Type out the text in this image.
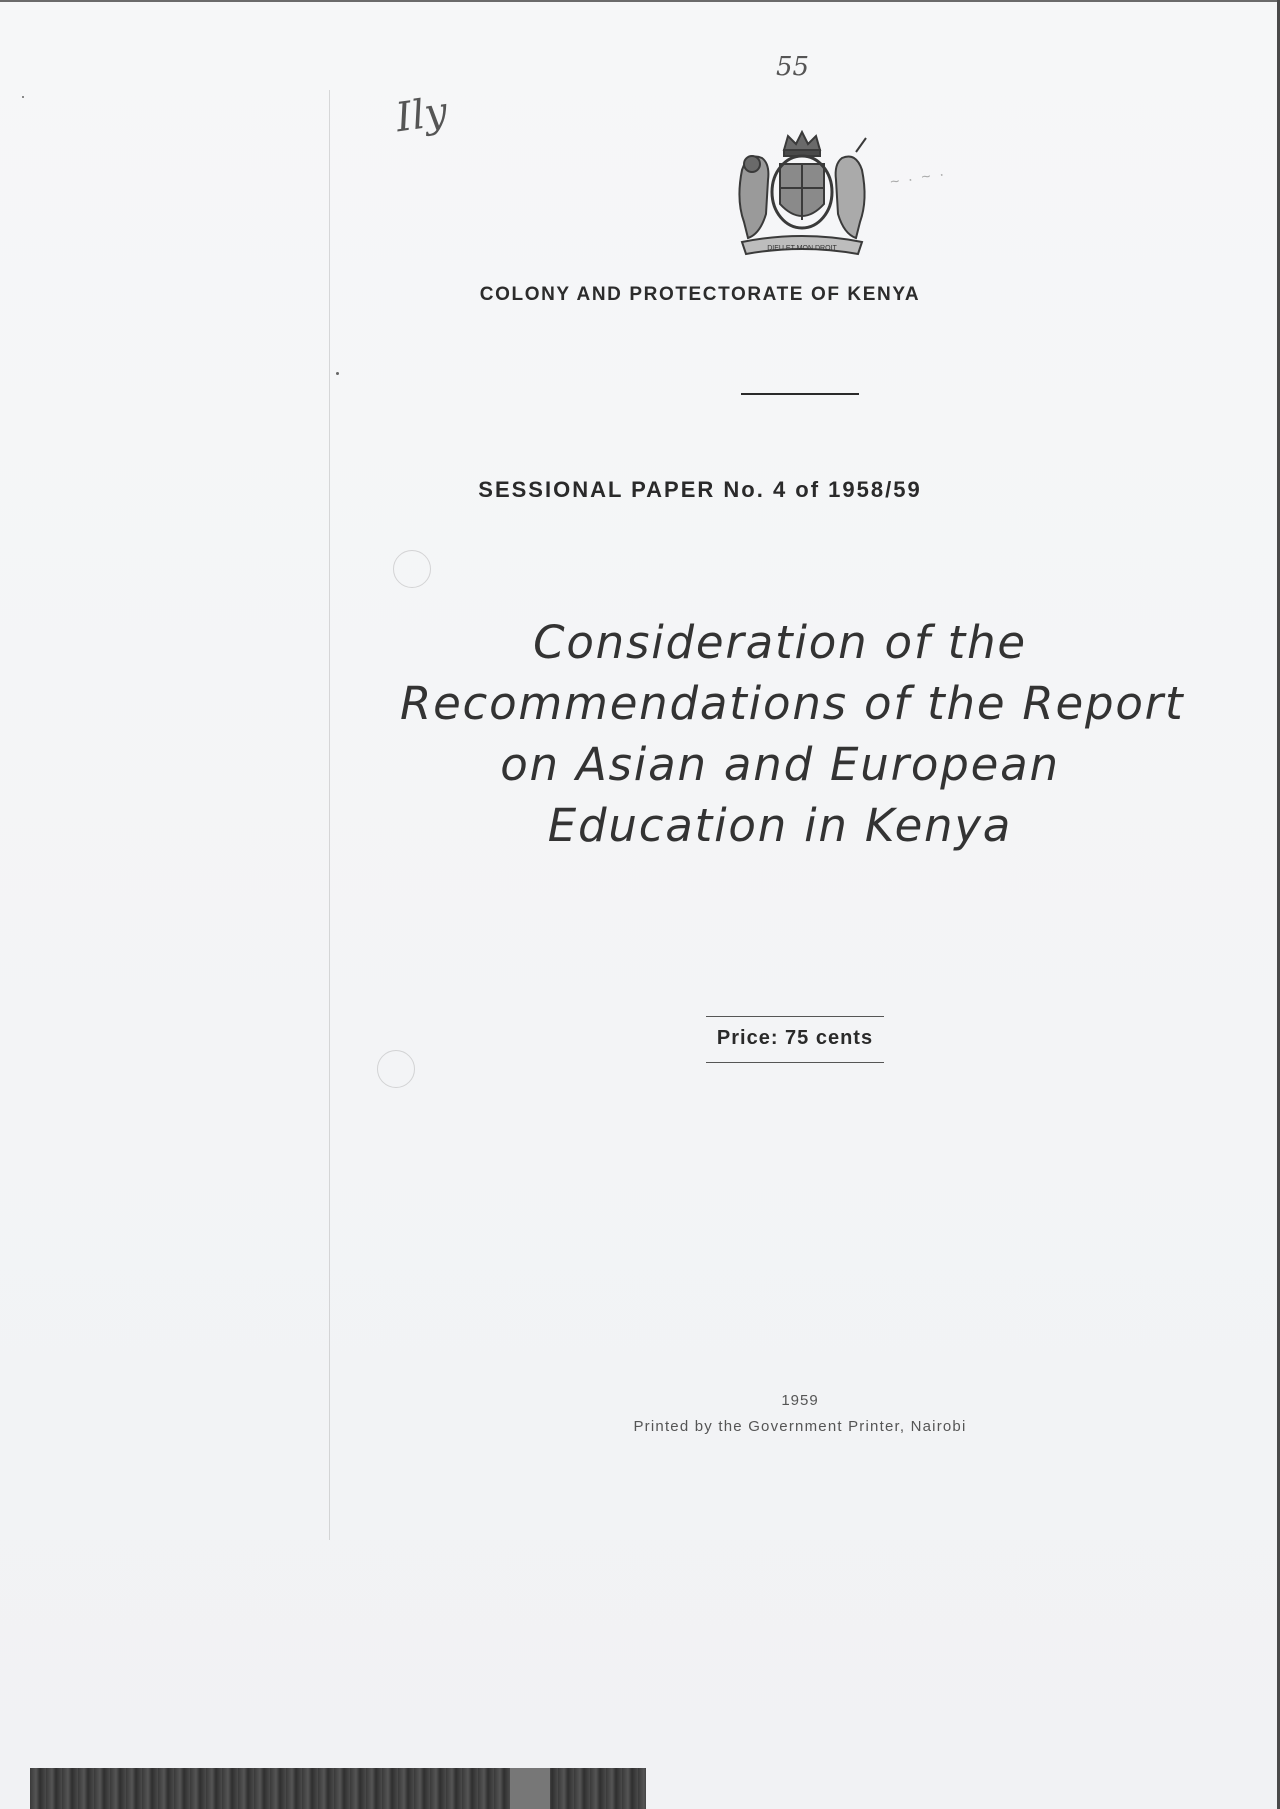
55
Ily
DIEU ET MON DROIT
~ · ~ ·
COLONY AND PROTECTORATE OF KENYA
SESSIONAL PAPER No. 4 of 1958/59
Consideration of the
Recommendations of the Report
on Asian and European
Education in Kenya
Price: 75 cents
1959
Printed by the Government Printer, Nairobi
